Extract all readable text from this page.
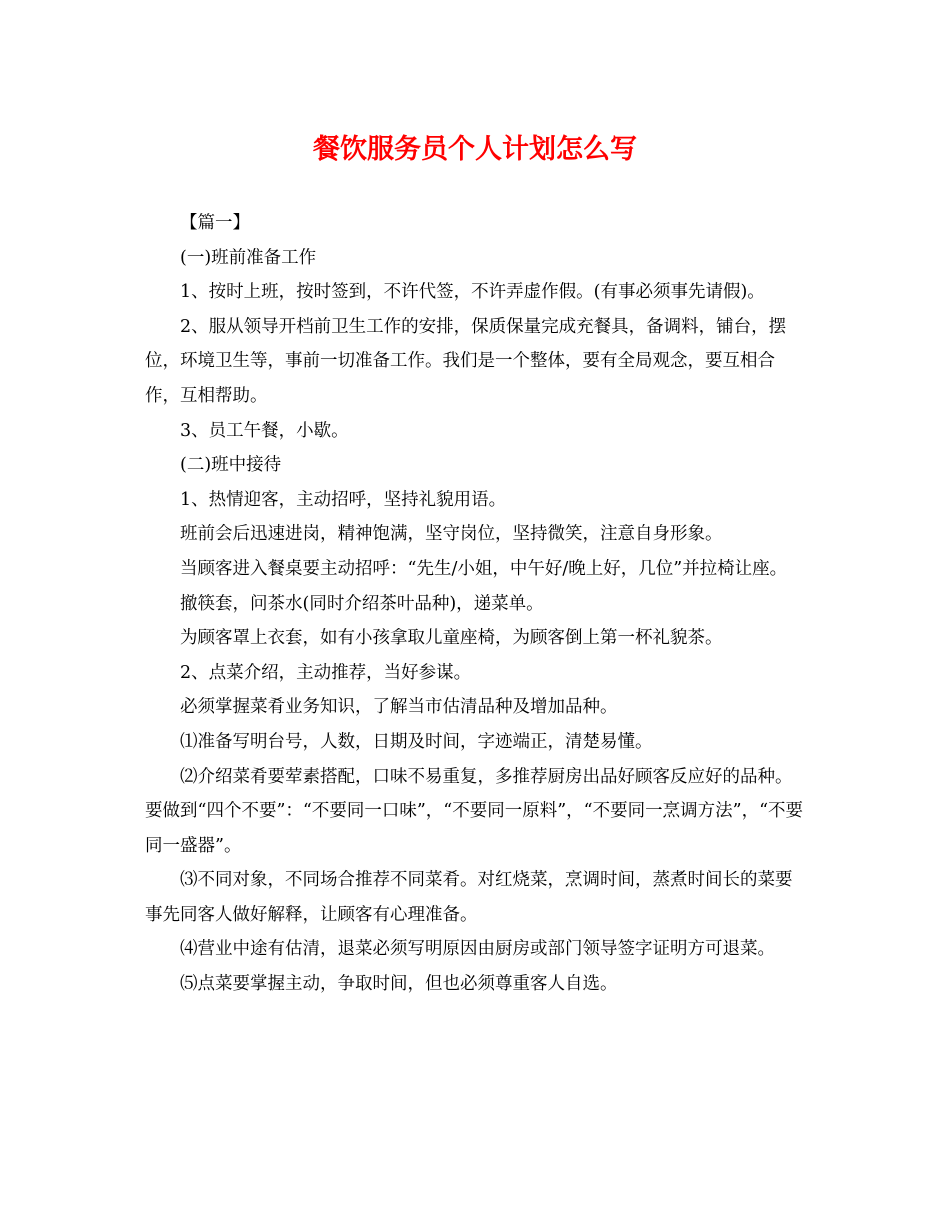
餐饮服务员个人计划怎么写

【篇一】

(一)班前准备工作

1、按时上班，按时签到，不许代签，不许弄虚作假。(有事必须事先请假)。

2、服从领导开档前卫生工作的安排，保质保量完成充餐具，备调料，铺台，摆位，环境卫生等，事前一切准备工作。我们是一个整体，要有全局观念，要互相合作，互相帮助。

3、员工午餐，小歇。

(二)班中接待

1、热情迎客，主动招呼，坚持礼貌用语。

班前会后迅速进岗，精神饱满，坚守岗位，坚持微笑，注意自身形象。

当顾客进入餐桌要主动招呼：“先生/小姐，中午好/晚上好，几位”并拉椅让座。

撤筷套，问茶水(同时介绍茶叶品种)，递菜单。

为顾客罩上衣套，如有小孩拿取儿童座椅，为顾客倒上第一杯礼貌茶。

2、点菜介绍，主动推荐，当好参谋。

必须掌握菜肴业务知识，了解当市估清品种及增加品种。

⑴准备写明台号，人数，日期及时间，字迹端正，清楚易懂。

⑵介绍菜肴要荤素搭配，口味不易重复，多推荐厨房出品好顾客反应好的品种。要做到“四个不要”：“不要同一口味”，“不要同一原料”，“不要同一烹调方法”，“不要同一盛器”。

⑶不同对象，不同场合推荐不同菜肴。对红烧菜，烹调时间，蒸煮时间长的菜要事先同客人做好解释，让顾客有心理准备。

⑷营业中途有估清，退菜必须写明原因由厨房或部门领导签字证明方可退菜。

⑸点菜要掌握主动，争取时间，但也必须尊重客人自选。
